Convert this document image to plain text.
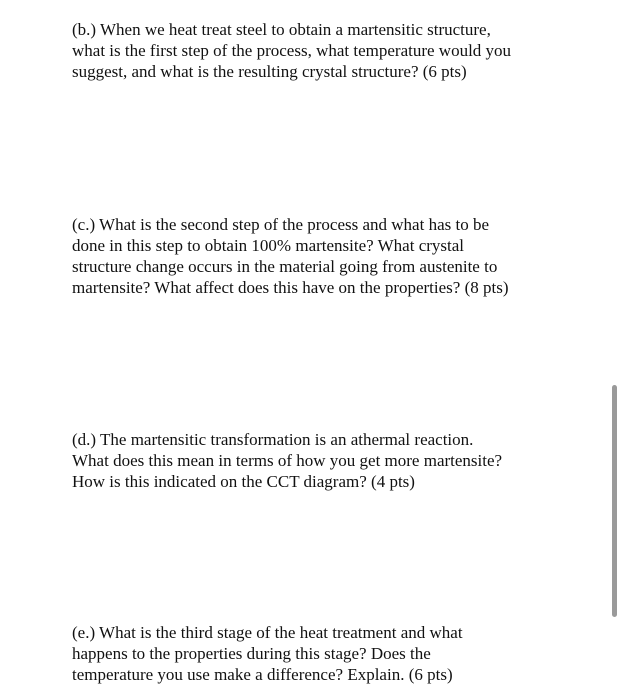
(b.) When we heat treat steel to obtain a martensitic structure,
what is the first step of the process, what temperature would you
suggest, and what is the resulting crystal structure? (6 pts)
(c.) What is the second step of the process and what has to be
done in this step to obtain 100% martensite? What crystal
structure change occurs in the material going from austenite to
martensite? What affect does this have on the properties? (8 pts)
(d.) The martensitic transformation is an athermal reaction.
What does this mean in terms of how you get more martensite?
How is this indicated on the CCT diagram? (4 pts)
(e.) What is the third stage of the heat treatment and what
happens to the properties during this stage? Does the
temperature you use make a difference? Explain. (6 pts)
